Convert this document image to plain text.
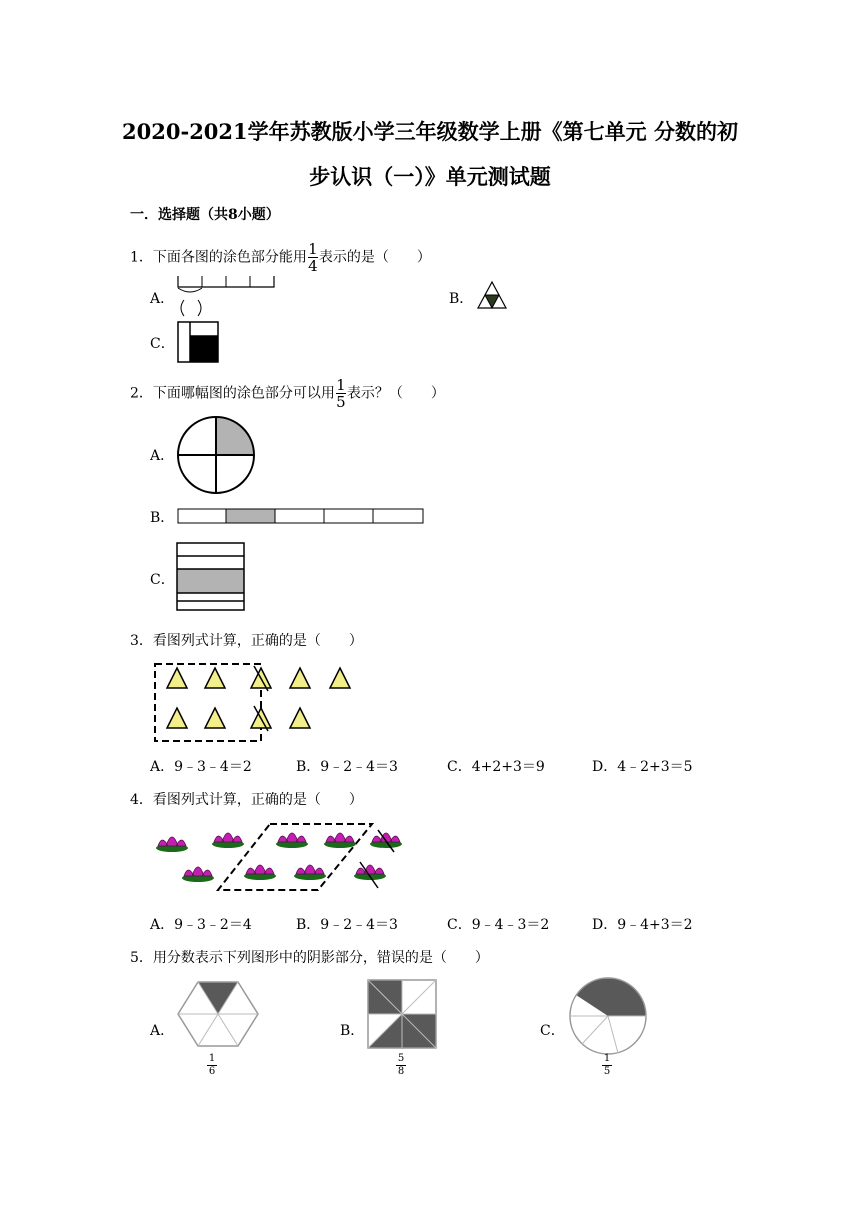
2020-2021学年苏教版小学三年级数学上册《第七单元 分数的初
步认识（一）》单元测试题
一．选择题（共8小题）
1．下面各图的涂色部分能用 $\frac{1}{4}$ 表示的是（　　）
A．	B．
C．
2．下面哪幅图的涂色部分可以用 $\frac{1}{5}$ 表示？（　　）
A．
B．
C．
3．看图列式计算，正确的是（　　）
A．9﹣3﹣4＝2	B．9﹣2﹣4＝3	C．4+2+3＝9	D．4﹣2+3＝5
4．看图列式计算，正确的是（　　）
A．9﹣3﹣2＝4	B．9﹣2﹣4＝3	C．9﹣4﹣3＝2	D．9﹣4+3＝2
5．用分数表示下列图形中的阴影部分，错误的是（　　）
A．
1
6
B．
5
8
C．
1
5
